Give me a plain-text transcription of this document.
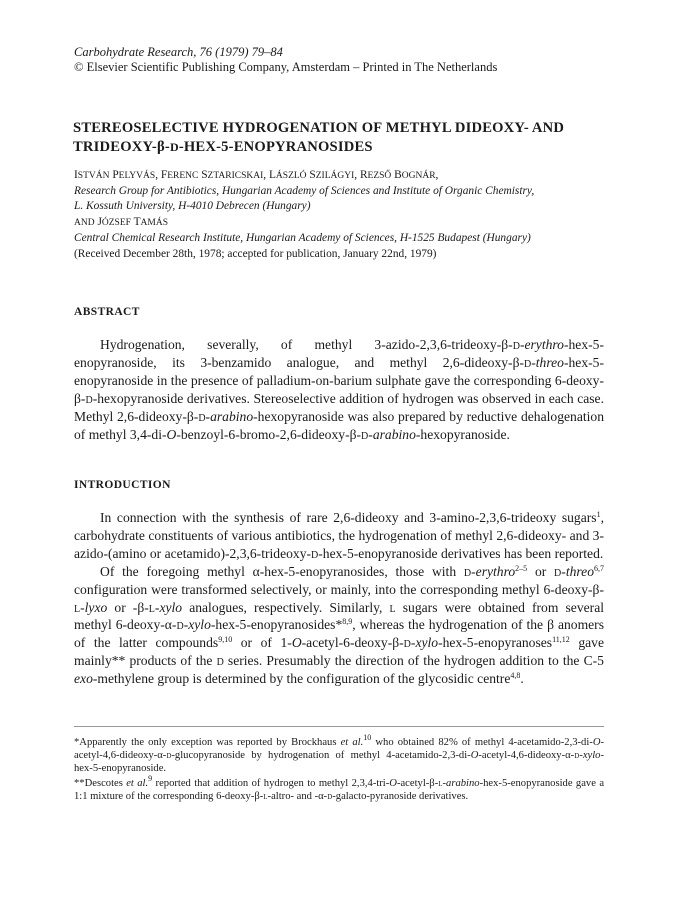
Carbohydrate Research, 76 (1979) 79–84
© Elsevier Scientific Publishing Company, Amsterdam – Printed in The Netherlands
STEREOSELECTIVE HYDROGENATION OF METHYL DIDEOXY- AND
TRIDEOXY-β-D-HEX-5-ENOPYRANOSIDES
ISTVÁN PELYVÁS, FERENC SZTARICSKAI, LÁSZLÓ SZILÁGYI, REZSŐ BOGNÁR,
Research Group for Antibiotics, Hungarian Academy of Sciences and Institute of Organic Chemistry,
L. Kossuth University, H-4010 Debrecen (Hungary)
AND JÓZSEF TAMÁS
Central Chemical Research Institute, Hungarian Academy of Sciences, H-1525 Budapest (Hungary)
(Received December 28th, 1978; accepted for publication, January 22nd, 1979)
ABSTRACT
Hydrogenation, severally, of methyl 3-azido-2,3,6-trideoxy-β-d-erythro-hex-5-enopyranoside, its 3-benzamido analogue, and methyl 2,6-dideoxy-β-d-threo-hex-5-enopyranoside in the presence of palladium-on-barium sulphate gave the corresponding 6-deoxy-β-d-hexopyranoside derivatives. Stereoselective addition of hydrogen was observed in each case. Methyl 2,6-dideoxy-β-d-arabino-hexopyranoside was also prepared by reductive dehalogenation of methyl 3,4-di-O-benzoyl-6-bromo-2,6-dideoxy-β-d-arabino-hexopyranoside.
INTRODUCTION
In connection with the synthesis of rare 2,6-dideoxy and 3-amino-2,3,6-trideoxy sugars$^1$, carbohydrate constituents of various antibiotics, the hydrogenation of methyl 2,6-dideoxy- and 3-azido-(amino or acetamido)-2,3,6-trideoxy-d-hex-5-enopyranoside derivatives has been reported.
Of the foregoing methyl α-hex-5-enopyranosides, those with d-erythro$^{2-5}$ or d-threo$^{6,7}$ configuration were transformed selectively, or mainly, into the corresponding methyl 6-deoxy-β-l-lyxo or -β-l-xylo analogues, respectively. Similarly, l sugars were obtained from several methyl 6-deoxy-α-d-xylo-hex-5-enopyranosides*$^{8,9}$, whereas the hydrogenation of the β anomers of the latter compounds$^{9,10}$ or of 1-O-acetyl-6-deoxy-β-d-xylo-hex-5-enopyranoses$^{11,12}$ gave mainly** products of the d series. Presumably the direction of the hydrogen addition to the C-5 exo-methylene group is determined by the configuration of the glycosidic centre$^{4,8}$.
*Apparently the only exception was reported by Brockhaus et al.$^{10}$ who obtained 82% of methyl 4-acetamido-2,3-di-O-acetyl-4,6-dideoxy-α-d-glucopyranoside by hydrogenation of methyl 4-acetamido-2,3-di-O-acetyl-4,6-dideoxy-α-d-xylo-hex-5-enopyranoside.
**Descotes et al.$^9$ reported that addition of hydrogen to methyl 2,3,4-tri-O-acetyl-β-l-arabino-hex-5-enopyranoside gave a 1:1 mixture of the corresponding 6-deoxy-β-l-altro- and -α-d-galacto-pyranoside derivatives.
